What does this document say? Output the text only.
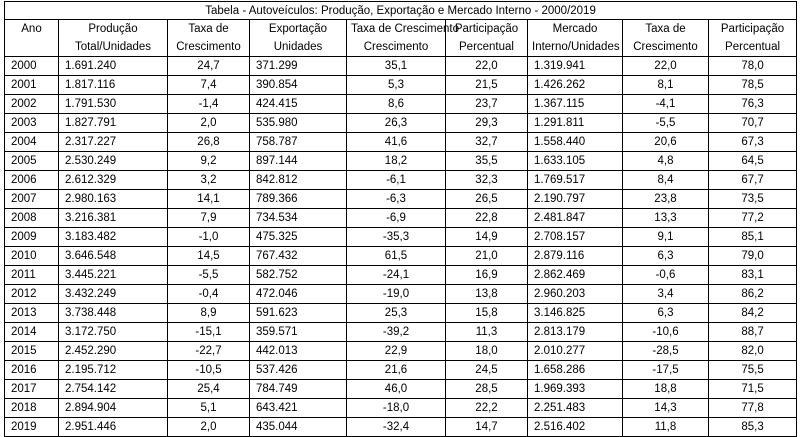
Tabela - Autoveículos: Produção, Exportação e Mercado Interno - 2000/2019								
Ano	Produção	Taxa de	Exportação	Taxa de Crescimento	Participação	Mercado	Taxa de	Participação
	Total/Unidades	Crescimento	Unidades	Crescimento	Percentual	Interno/Unidades	Crescimento	Percentual
2000	1.691.240	24,7	371.299	35,1	22,0	1.319.941	22,0	78,0
2001	1.817.116	7,4	390.854	5,3	21,5	1.426.262	8,1	78,5
2002	1.791.530	-1,4	424.415	8,6	23,7	1.367.115	-4,1	76,3
2003	1.827.791	2,0	535.980	26,3	29,3	1.291.811	-5,5	70,7
2004	2.317.227	26,8	758.787	41,6	32,7	1.558.440	20,6	67,3
2005	2.530.249	9,2	897.144	18,2	35,5	1.633.105	4,8	64,5
2006	2.612.329	3,2	842.812	-6,1	32,3	1.769.517	8,4	67,7
2007	2.980.163	14,1	789.366	-6,3	26,5	2.190.797	23,8	73,5
2008	3.216.381	7,9	734.534	-6,9	22,8	2.481.847	13,3	77,2
2009	3.183.482	-1,0	475.325	-35,3	14,9	2.708.157	9,1	85,1
2010	3.646.548	14,5	767.432	61,5	21,0	2.879.116	6,3	79,0
2011	3.445.221	-5,5	582.752	-24,1	16,9	2.862.469	-0,6	83,1
2012	3.432.249	-0,4	472.046	-19,0	13,8	2.960.203	3,4	86,2
2013	3.738.448	8,9	591.623	25,3	15,8	3.146.825	6,3	84,2
2014	3.172.750	-15,1	359.571	-39,2	11,3	2.813.179	-10,6	88,7
2015	2.452.290	-22,7	442.013	22,9	18,0	2.010.277	-28,5	82,0
2016	2.195.712	-10,5	537.426	21,6	24,5	1.658.286	-17,5	75,5
2017	2.754.142	25,4	784.749	46,0	28,5	1.969.393	18,8	71,5
2018	2.894.904	5,1	643.421	-18,0	22,2	2.251.483	14,3	77,8
2019	2.951.446	2,0	435.044	-32,4	14,7	2.516.402	11,8	85,3
